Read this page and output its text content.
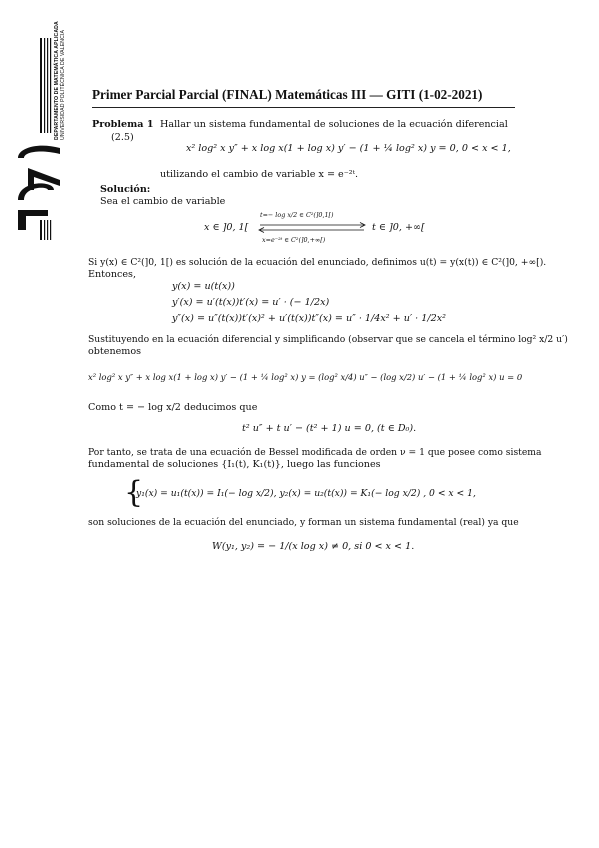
DEPARTAMENTO DE MATEMÁTICA APLICADA UNIVERSIDAD POLITÉCNICA DE VALENCIA Primer Parcial Parcial (FINAL) Matemáticas III — GITI (1-02-2021)
Problema 1
(2.5)
Hallar un sistema fundamental de soluciones de la ecuación diferencial
x² log² x y″ + x log x(1 + log x) y′ − (1 + ¼ log² x) y = 0, 0 < x < 1,
utilizando el cambio de variable x = e⁻²ᵗ.
Solución:
Sea el cambio de variable
x ∈ ]0, 1[
t=− log x/2 ∈ C²(]0,1[)
x=e⁻²ᵗ ∈ C²(]0,+∞[)
t ∈ ]0, +∞[
Si y(x) ∈ C²(]0, 1[) es solución de la ecuación del enunciado, definimos u(t) = y(x(t)) ∈ C²(]0, +∞[).
Entonces,
y(x) = u(t(x))
y′(x) = u′(t(x))t′(x) = u′ · (− 1/2x)
y″(x) = u″(t(x))t′(x)² + u′(t(x))t″(x) = u″ · 1/4x² + u′ · 1/2x²
Sustituyendo en la ecuación diferencial y simplificando (observar que se cancela el término log² x/2 u′)
obtenemos
x² log² x y″ + x log x(1 + log x) y′ − (1 + ¼ log² x) y = (log² x/4) u″ − (log x/2) u′ − (1 + ¼ log² x) u = 0
Como t = − log x/2 deducimos que
t² u″ + t u′ − (t² + 1) u = 0, (t ∈ D₀).
Por tanto, se trata de una ecuación de Bessel modificada de orden ν = 1 que posee como sistema
fundamental de soluciones {I₁(t), K₁(t)}, luego las funciones
{
y₁(x) = u₁(t(x)) = I₁(− log x/2), y₂(x) = u₂(t(x)) = K₁(− log x/2) , 0 < x < 1,
son soluciones de la ecuación del enunciado, y forman un sistema fundamental (real) ya que
W(y₁, y₂) = − 1/(x log x) ≠ 0, si 0 < x < 1.
